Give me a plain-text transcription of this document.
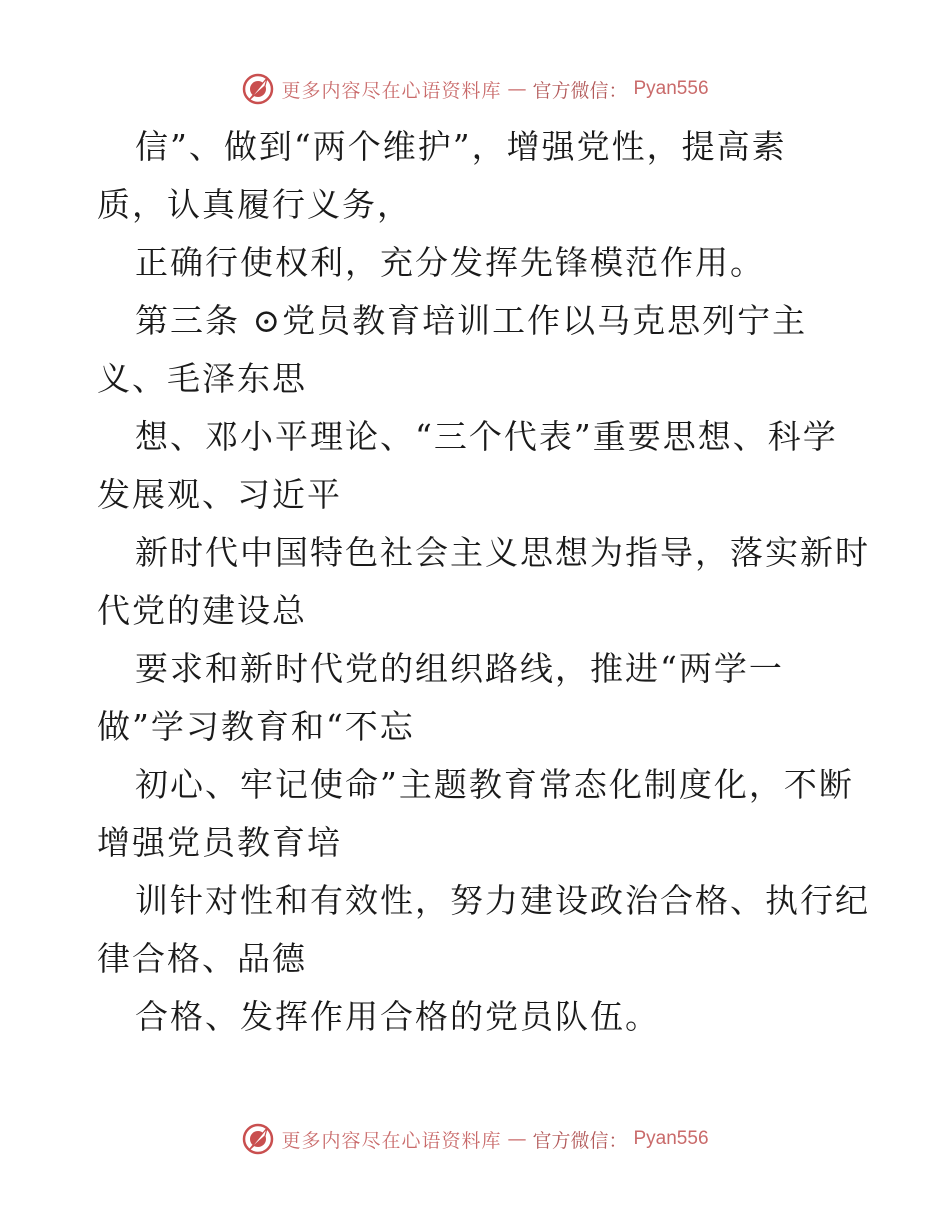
更多内容尽在心语资料库 — 官方微信： Pyan556
信”、做到“两个维护”，增强党性，提高素
质，认真履行义务，
正确行使权利，充分发挥先锋模范作用。
第三条 ⊙党员教育培训工作以马克思列宁主
义、毛泽东思
想、邓小平理论、“三个代表”重要思想、科学
发展观、习近平
新时代中国特色社会主义思想为指导，落实新时
代党的建设总
要求和新时代党的组织路线，推进“两学一
做”学习教育和“不忘
初心、牢记使命”主题教育常态化制度化，不断
增强党员教育培
训针对性和有效性，努力建设政治合格、执行纪
律合格、品德
合格、发挥作用合格的党员队伍。
更多内容尽在心语资料库 — 官方微信： Pyan556
